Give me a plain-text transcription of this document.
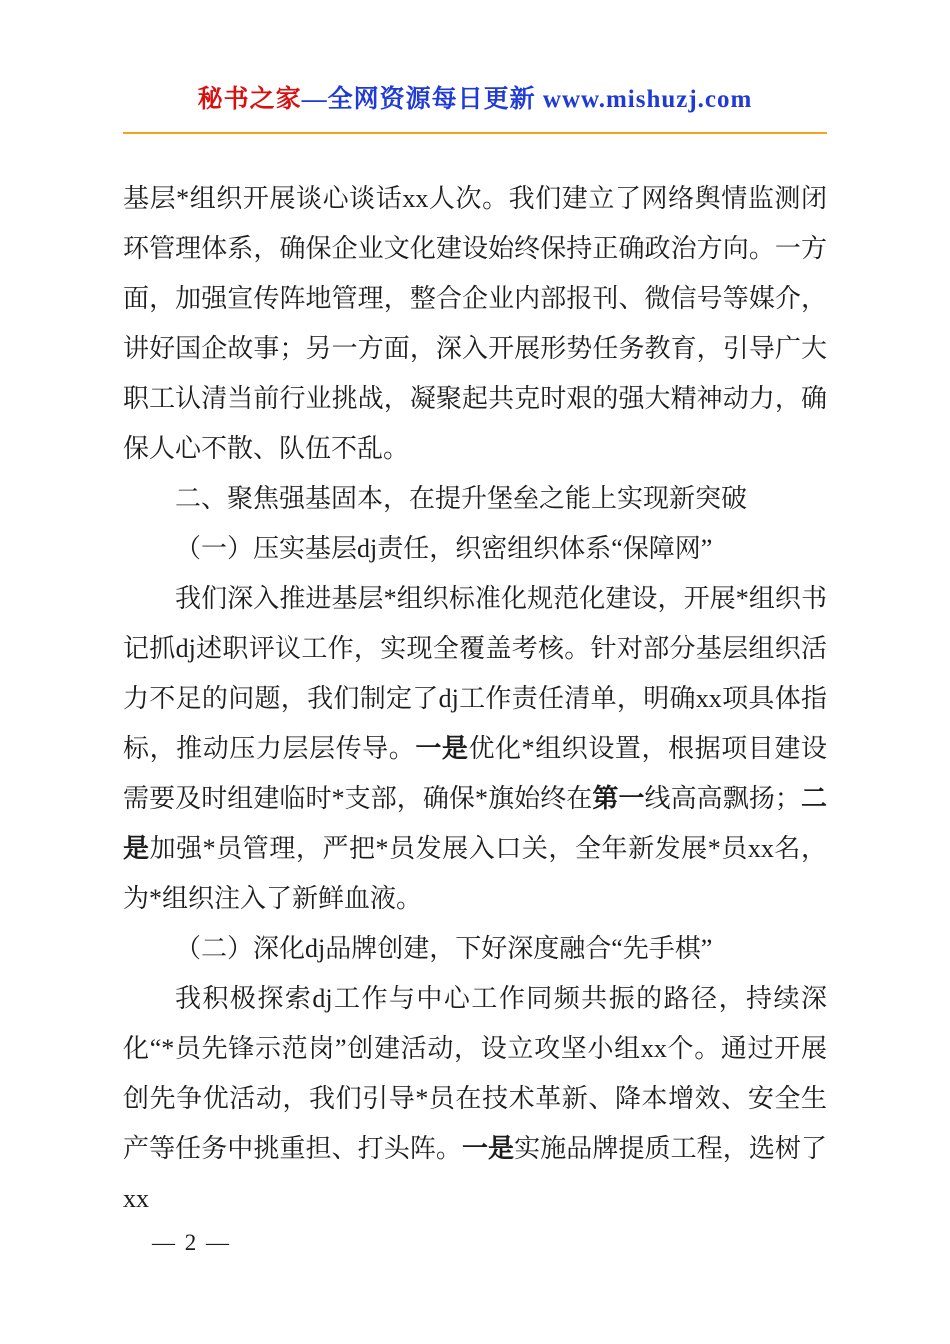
秘书之家—全网资源每日更新 www.mishuzj.com

基层*组织开展谈心谈话xx人次。我们建立了网络舆情监测闭环管理体系，确保企业文化建设始终保持正确政治方向。一方面，加强宣传阵地管理，整合企业内部报刊、微信号等媒介，讲好国企故事；另一方面，深入开展形势任务教育，引导广大职工认清当前行业挑战，凝聚起共克时艰的强大精神动力，确保人心不散、队伍不乱。

二、聚焦强基固本，在提升堡垒之能上实现新突破

（一）压实基层dj责任，织密组织体系“保障网”

我们深入推进基层*组织标准化规范化建设，开展*组织书记抓dj述职评议工作，实现全覆盖考核。针对部分基层组织活力不足的问题，我们制定了dj工作责任清单，明确xx项具体指标，推动压力层层传导。一是优化*组织设置，根据项目建设需要及时组建临时*支部，确保*旗始终在第一线高高飘扬；二是加强*员管理，严把*员发展入口关，全年新发展*员xx名，为*组织注入了新鲜血液。

（二）深化dj品牌创建，下好深度融合“先手棋”

我积极探索dj工作与中心工作同频共振的路径，持续深化“*员先锋示范岗”创建活动，设立攻坚小组xx个。通过开展创先争优活动，我们引导*员在技术革新、降本增效、安全生产等任务中挑重担、打头阵。一是实施品牌提质工程，选树了xx

— 2 —
